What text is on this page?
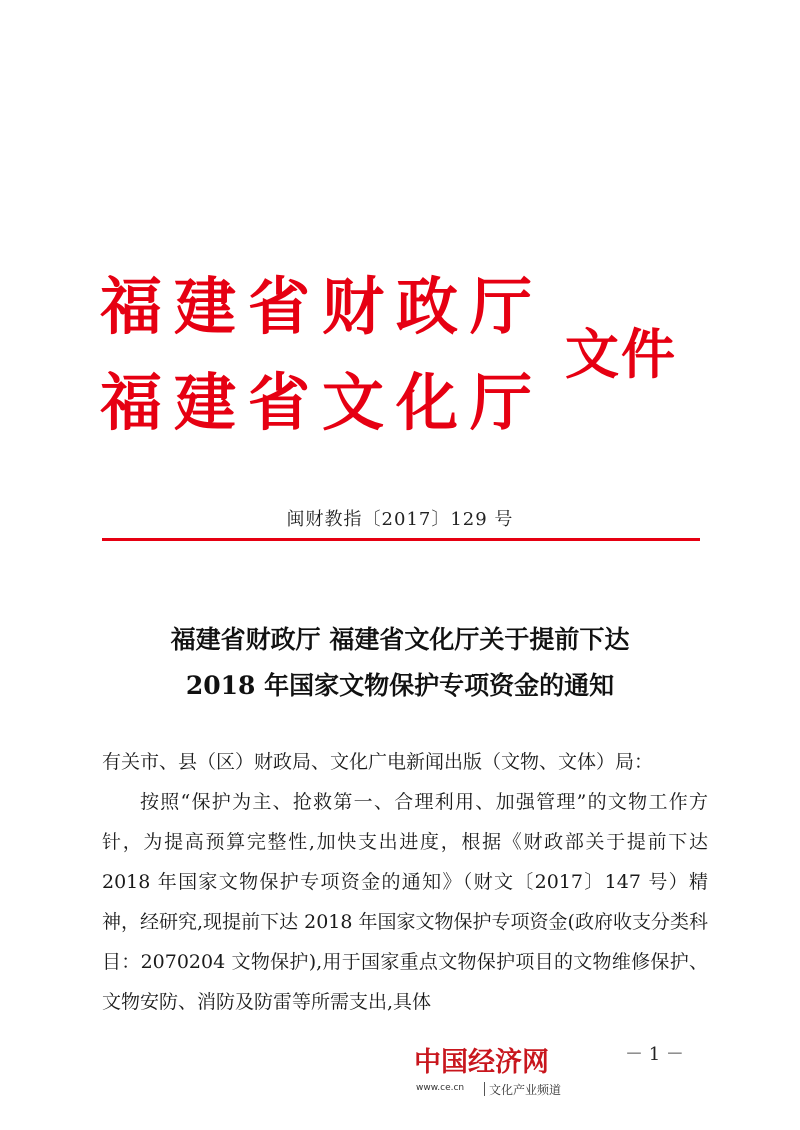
福建省财政厅
福建省文化厅
文件
闽财教指〔2017〕129 号
福建省财政厅 福建省文化厅关于提前下达
2018 年国家文物保护专项资金的通知

有关市、县（区）财政局、文化广电新闻出版（文物、文体）局：

按照“保护为主、抢救第一、合理利用、加强管理”的文物工作方针，为提高预算完整性,加快支出进度，根据《财政部关于提前下达 2018 年国家文物保护专项资金的通知》（财文〔2017〕147 号）精神，经研究,现提前下达 2018 年国家文物保护专项资金(政府收支分类科目：2070204 文物保护),用于国家重点文物保护项目的文物维修保护、文物安防、消防及防雷等所需支出,具体

中国经济网
www.ce.cn 文化产业频道
－ 1 －
